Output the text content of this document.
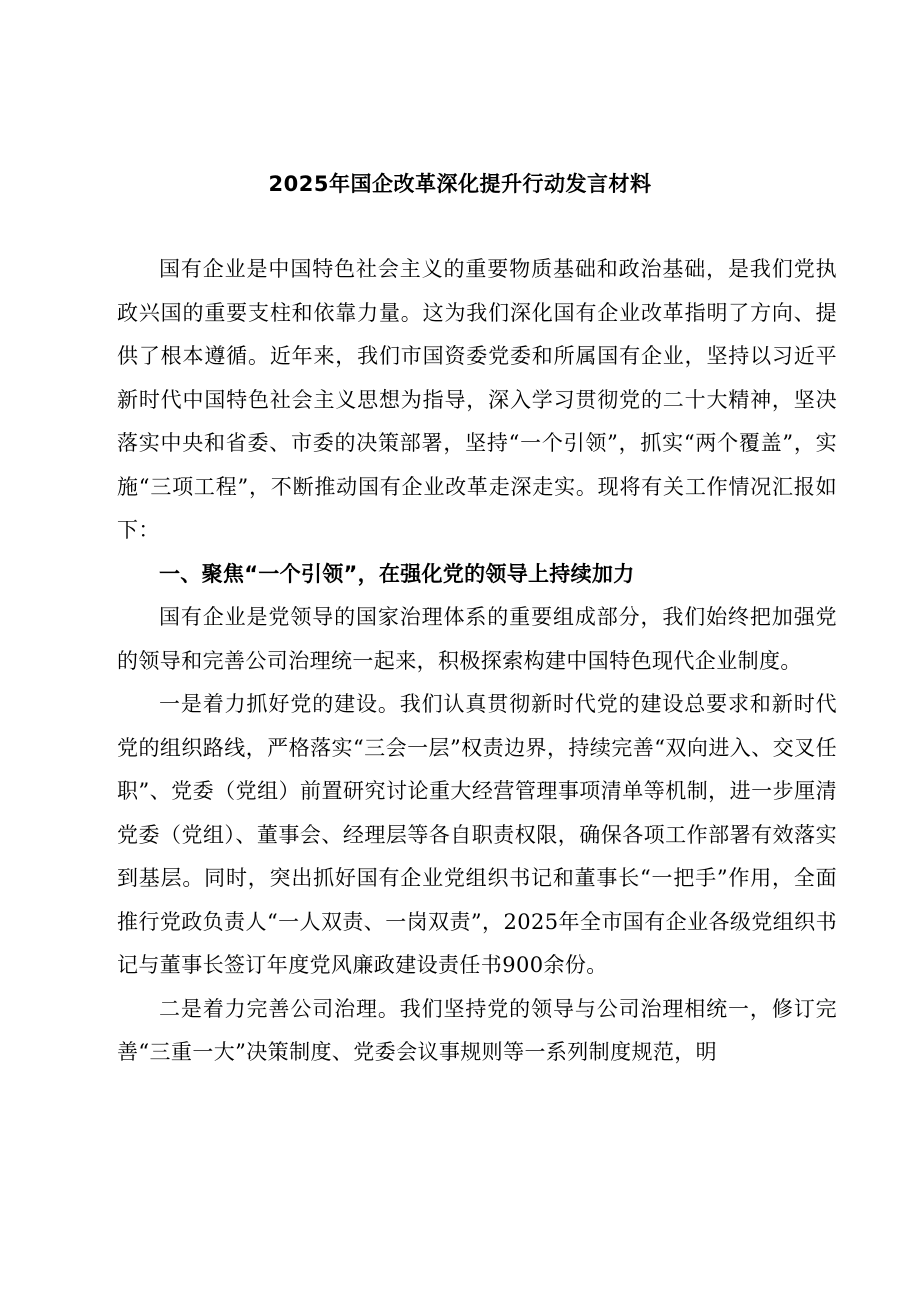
2025年国企改革深化提升行动发言材料

国有企业是中国特色社会主义的重要物质基础和政治基础，是我们党执政兴国的重要支柱和依靠力量。这为我们深化国有企业改革指明了方向、提供了根本遵循。近年来，我们市国资委党委和所属国有企业，坚持以习近平新时代中国特色社会主义思想为指导，深入学习贯彻党的二十大精神，坚决落实中央和省委、市委的决策部署，坚持“一个引领”，抓实“两个覆盖”，实施“三项工程”，不断推动国有企业改革走深走实。现将有关工作情况汇报如下：

一、聚焦“一个引领”，在强化党的领导上持续加力

国有企业是党领导的国家治理体系的重要组成部分，我们始终把加强党的领导和完善公司治理统一起来，积极探索构建中国特色现代企业制度。

一是着力抓好党的建设。我们认真贯彻新时代党的建设总要求和新时代党的组织路线，严格落实“三会一层”权责边界，持续完善“双向进入、交叉任职”、党委（党组）前置研究讨论重大经营管理事项清单等机制，进一步厘清党委（党组）、董事会、经理层等各自职责权限，确保各项工作部署有效落实到基层。同时，突出抓好国有企业党组织书记和董事长“一把手”作用，全面推行党政负责人“一人双责、一岗双责”，2025年全市国有企业各级党组织书记与董事长签订年度党风廉政建设责任书900余份。

二是着力完善公司治理。我们坚持党的领导与公司治理相统一，修订完善“三重一大”决策制度、党委会议事规则等一系列制度规范，明
